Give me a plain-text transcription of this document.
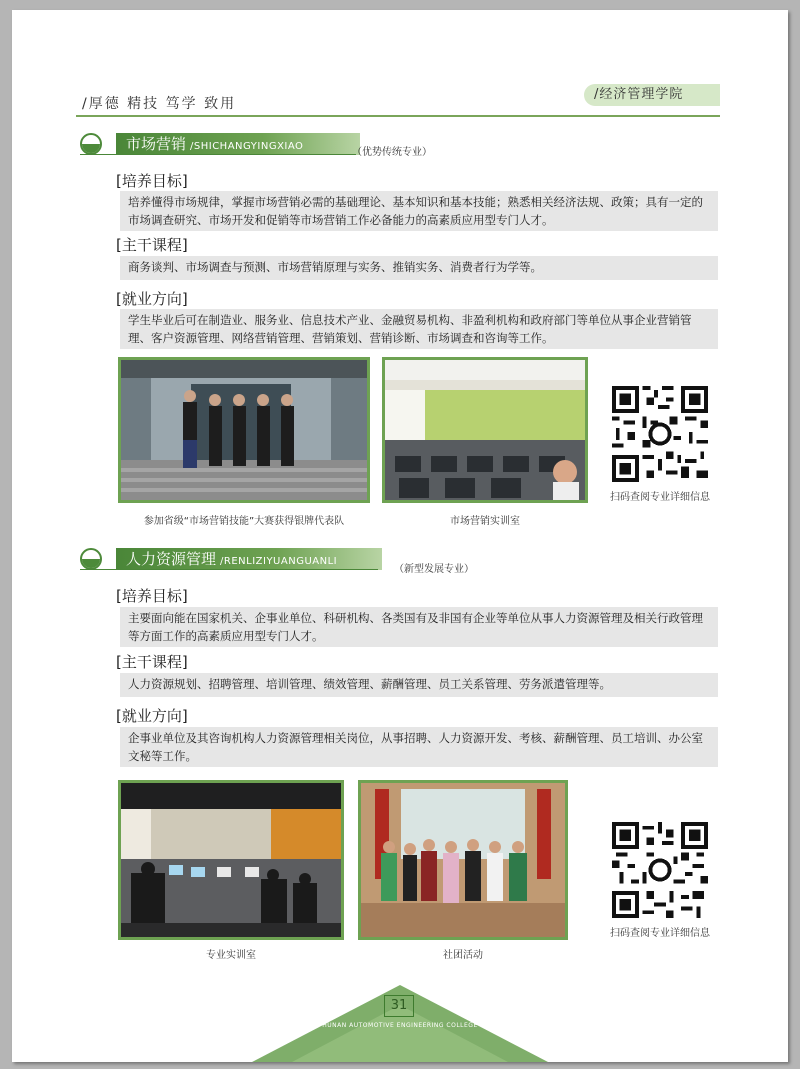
/厚德 精技 笃学 致用
/经济管理学院
市场营销 /SHICHANGYINGXIAO
（优势传统专业）
[培养目标]
培养懂得市场规律，掌握市场营销必需的基础理论、基本知识和基本技能；熟悉相关经济法规、政策；具有一定的市场调查研究、市场开发和促销等市场营销工作必备能力的高素质应用型专门人才。
[主干课程]
商务谈判、市场调查与预测、市场营销原理与实务、推销实务、消费者行为学等。
[就业方向]
学生毕业后可在制造业、服务业、信息技术产业、金融贸易机构、非盈利机构和政府部门等单位从事企业营销管理、客户资源管理、网络营销管理、营销策划、营销诊断、市场调查和咨询等工作。
参加省级“市场营销技能”大赛获得银牌代表队	市场营销实训室
扫码查阅专业详细信息
人力资源管理 /RENLIZIYUANGUANLI
（新型发展专业）
[培养目标]
主要面向能在国家机关、企事业单位、科研机构、各类国有及非国有企业等单位从事人力资源管理及相关行政管理等方面工作的高素质应用型专门人才。
[主干课程]
人力资源规划、招聘管理、培训管理、绩效管理、薪酬管理、员工关系管理、劳务派遣管理等。
[就业方向]
企事业单位及其咨询机构人力资源管理相关岗位，从事招聘、人力资源开发、考核、薪酬管理、员工培训、办公室文秘等工作。
专业实训室	社团活动
扫码查阅专业详细信息
31
HUNAN AUTOMOTIVE ENGINEERING COLLEGE
